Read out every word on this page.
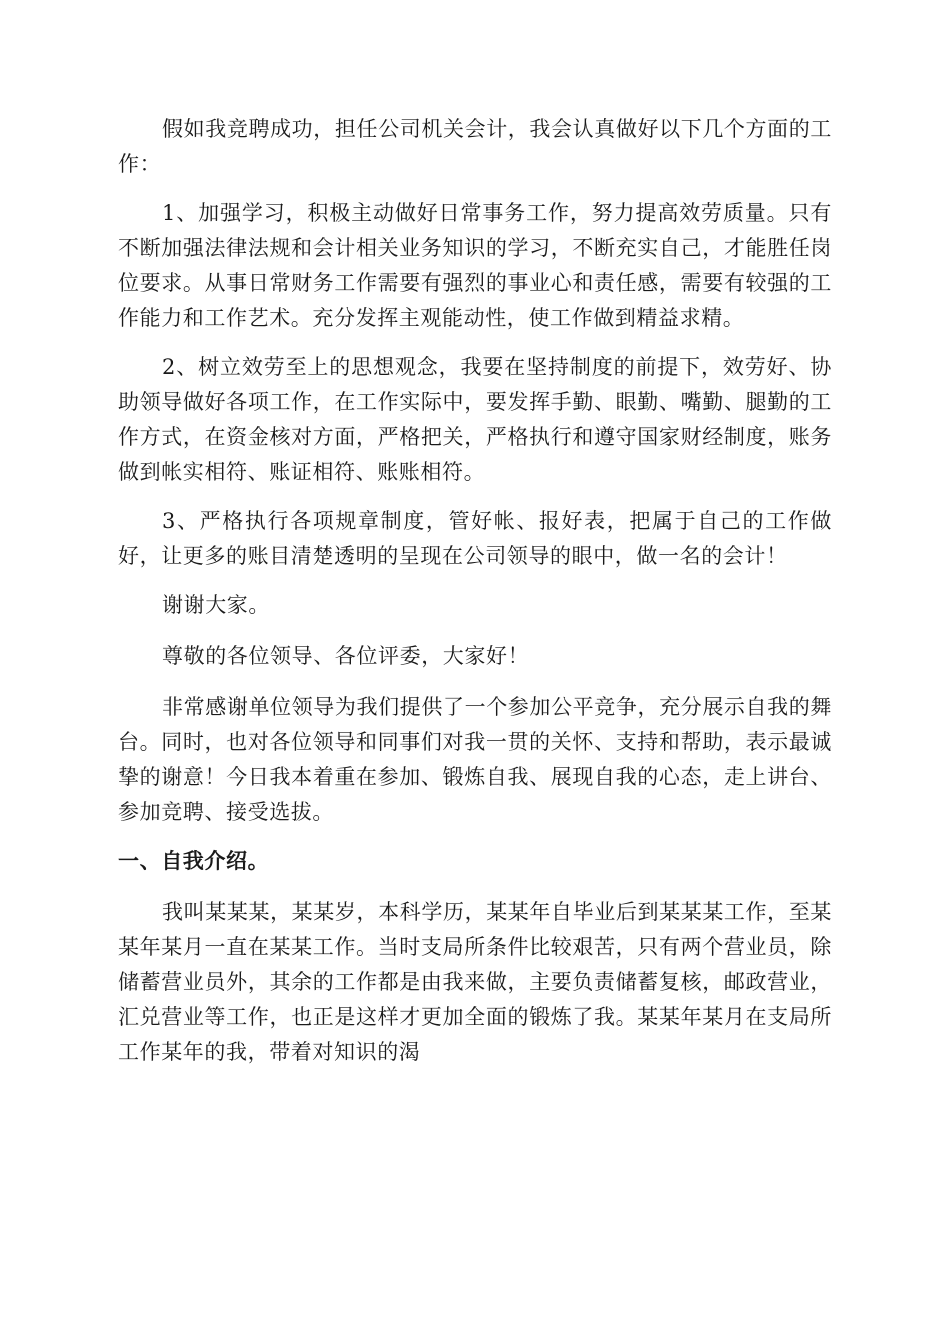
假如我竞聘成功，担任公司机关会计，我会认真做好以下几个方面的工作：

1、加强学习，积极主动做好日常事务工作，努力提高效劳质量。只有不断加强法律法规和会计相关业务知识的学习，不断充实自己，才能胜任岗位要求。从事日常财务工作需要有强烈的事业心和责任感，需要有较强的工作能力和工作艺术。充分发挥主观能动性，使工作做到精益求精。

2、树立效劳至上的思想观念，我要在坚持制度的前提下，效劳好、协助领导做好各项工作，在工作实际中，要发挥手勤、眼勤、嘴勤、腿勤的工作方式，在资金核对方面，严格把关，严格执行和遵守国家财经制度，账务做到帐实相符、账证相符、账账相符。

3、严格执行各项规章制度，管好帐、报好表，把属于自己的工作做好，让更多的账目清楚透明的呈现在公司领导的眼中，做一名的会计！

谢谢大家。

尊敬的各位领导、各位评委，大家好！

非常感谢单位领导为我们提供了一个参加公平竞争，充分展示自我的舞台。同时，也对各位领导和同事们对我一贯的关怀、支持和帮助，表示最诚挚的谢意！今日我本着重在参加、锻炼自我、展现自我的心态，走上讲台、参加竞聘、接受选拔。

一、自我介绍。

我叫某某某，某某岁，本科学历，某某年自毕业后到某某某工作，至某某年某月一直在某某工作。当时支局所条件比较艰苦，只有两个营业员，除储蓄营业员外，其余的工作都是由我来做，主要负责储蓄复核，邮政营业，汇兑营业等工作，也正是这样才更加全面的锻炼了我。某某年某月在支局所工作某年的我，带着对知识的渴
